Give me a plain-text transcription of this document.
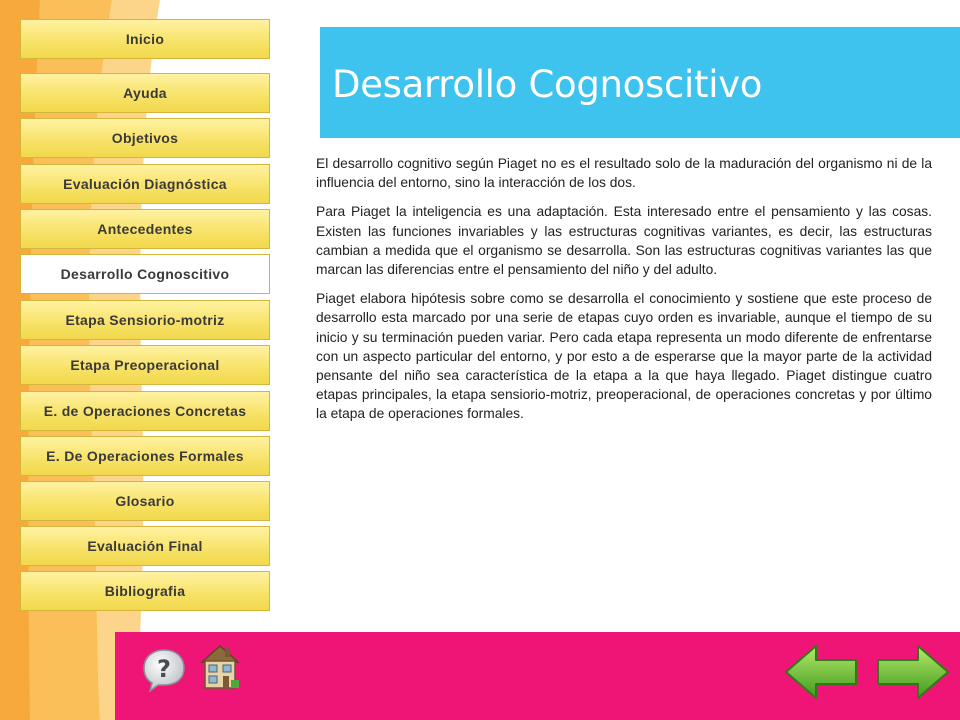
Inicio
Ayuda
Objetivos
Evaluación Diagnóstica
Antecedentes
Desarrollo Cognoscitivo
Etapa Sensiorio-motriz
Etapa Preoperacional
E. de Operaciones Concretas
E. De Operaciones Formales
Glosario
Evaluación Final
Bibliografia
Desarrollo Cognoscitivo

El desarrollo cognitivo según Piaget no es el resultado solo de la maduración del organismo ni de la influencia del entorno, sino la interacción de los dos.

Para Piaget la inteligencia es una adaptación. Esta interesado entre el pensamiento y las cosas. Existen las funciones invariables y las estructuras cognitivas variantes, es decir, las estructuras cambian a medida que el organismo se desarrolla. Son las estructuras cognitivas variantes las que marcan las diferencias entre el pensamiento del niño y del adulto.

Piaget elabora hipótesis sobre como se desarrolla el conocimiento y sostiene que este proceso de desarrollo esta marcado por una serie de etapas cuyo orden es invariable, aunque el tiempo de su inicio y su terminación pueden variar. Pero cada etapa representa un modo diferente de enfrentarse con un aspecto particular del entorno, y por esto a de esperarse que la mayor parte de la actividad pensante del niño sea característica de la etapa a la que haya llegado. Piaget distingue cuatro etapas principales, la etapa sensiorio-motriz, preoperacional, de operaciones concretas y por último la etapa de operaciones formales.

?
